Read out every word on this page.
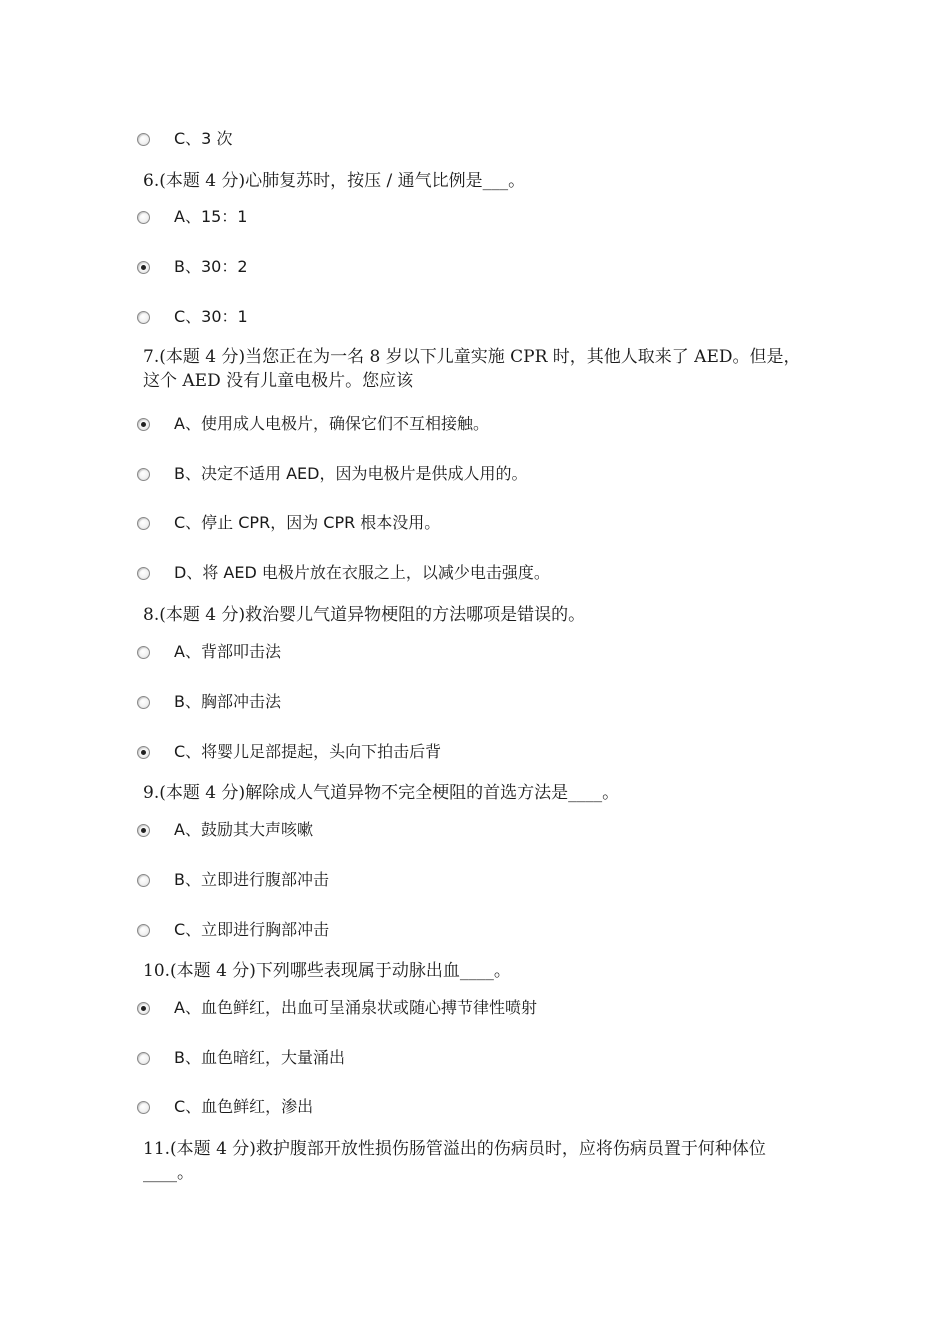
C、3 次
6.(本题 4 分)心肺复苏时，按压 / 通气比例是___。
A、15：1
B、30：2
C、30：1
7.(本题 4 分)当您正在为一名 8 岁以下儿童实施 CPR 时，其他人取来了 AED。但是，这个 AED 没有儿童电极片。您应该
A、使用成人电极片，确保它们不互相接触。
B、决定不适用 AED，因为电极片是供成人用的。
C、停止 CPR，因为 CPR 根本没用。
D、将 AED 电极片放在衣服之上，以减少电击强度。
8.(本题 4 分)救治婴儿气道异物梗阻的方法哪项是错误的。
A、背部叩击法
B、胸部冲击法
C、将婴儿足部提起，头向下拍击后背
9.(本题 4 分)解除成人气道异物不完全梗阻的首选方法是____。
A、鼓励其大声咳嗽
B、立即进行腹部冲击
C、立即进行胸部冲击
10.(本题 4 分)下列哪些表现属于动脉出血____。
A、血色鲜红，出血可呈涌泉状或随心搏节律性喷射
B、血色暗红，大量涌出
C、血色鲜红，渗出
11.(本题 4 分)救护腹部开放性损伤肠管溢出的伤病员时，应将伤病员置于何种体位 ____。
